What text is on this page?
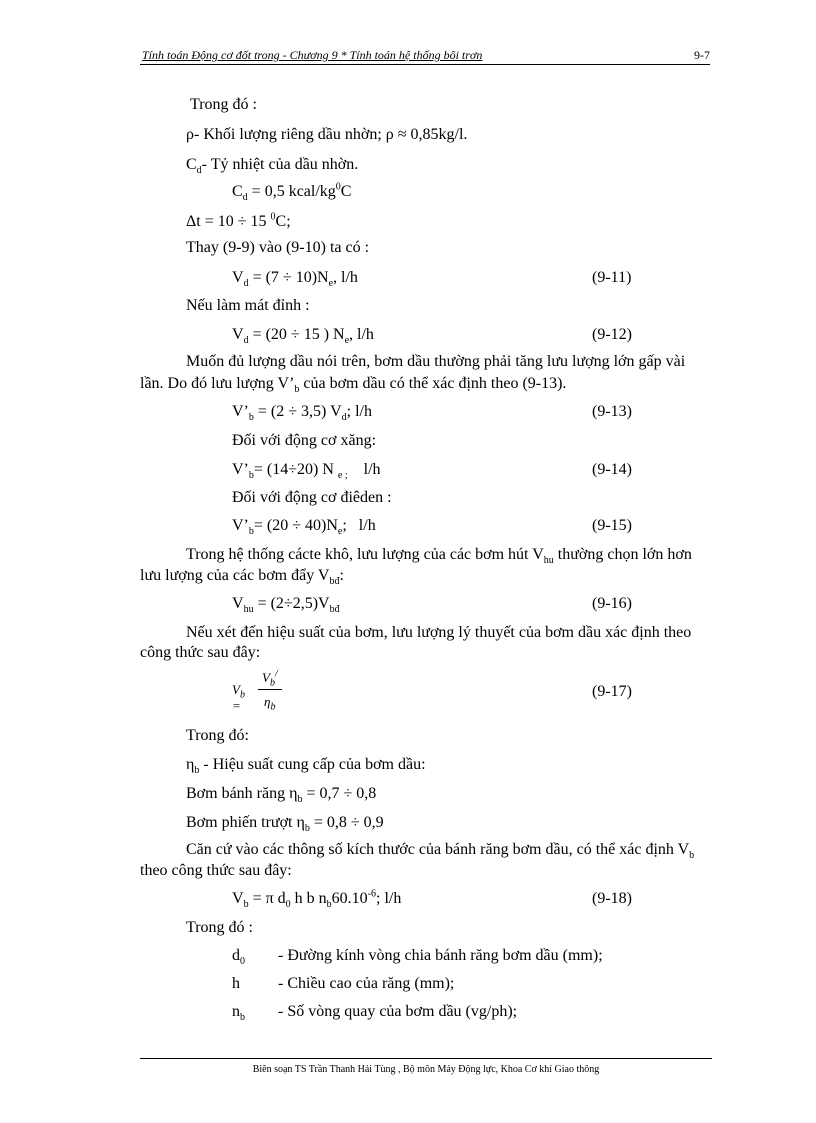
Tính toán Động cơ đốt trong - Chương 9 * Tính toán hệ thống bôi trơn	9-7
Trong đó :
ρ- Khối lượng riêng dầu nhờn; ρ ≈ 0,85kg/l.
$C_d-$ Tỷ nhiệt của dầu nhờn.
$C_d = 0,5$ kcal/$kg^0C$
Δt = 10 ÷ 15 $^0$C;
Thay (9-9) vào (9-10) ta có :
$V_d = (7 \div 10)N_e$, l/h	(9-11)
Nếu làm mát đỉnh :
$V_d = (20 \div 15$ ) $N_e$, l/h	(9-12)
Muốn đủ lượng dầu nói trên, bơm dầu thường phải tăng lưu lượng lớn gấp vài
lần. Do đó lưu lượng $V’_b$ của bơm dầu có thể xác định theo (9-13).
$V’_b = (2 \div 3,5)$ $V_d$; l/h	(9-13)
Đối với động cơ xăng:
$V’_b= (14\div 20)$ N $_{e ;}$    l/h	(9-14)
Đối với động cơ điêden :
$V’_b= (20 \div 40)N_e$;   l/h	(9-15)
Trong hệ thống cácte khô, lưu lượng của các bơm hút $V_{hu}$ thường chọn lớn hơn
lưu lượng của các bơm đẩy $V_{bđ}$:
$V_{hu} = (2\div 2,5)V_{bđ}$	(9-16)
Nếu xét đến hiệu suất của bơm, lưu lượng lý thuyết của bơm dầu xác định theo
công thức sau đây:
$V_b$ =
$V_b^/$
$\eta_b$
(9-17)
Trong đó:
$\eta_b$ - Hiệu suất cung cấp của bơm dầu:
Bơm bánh răng $\eta_b = 0,7 \div 0,8$
Bơm phiến trượt $\eta_b = 0,8 \div 0,9$
Căn cứ vào các thông số kích thước của bánh răng bơm dầu, có thể xác định $V_b$
theo công thức sau đây:
$V_b = \pi$ $d_0$ h b $n_b60.10^{-6}$; l/h	(9-18)
Trong đó :
$d_0$ - Đường kính vòng chia bánh răng bơm dầu (mm);
h - Chiều cao của răng (mm);
$n_b$ - Số vòng quay của bơm dầu (vg/ph);
Biên soạn TS Trần Thanh Hải Tùng , Bộ môn Máy Động lực, Khoa Cơ khí Giao thông
